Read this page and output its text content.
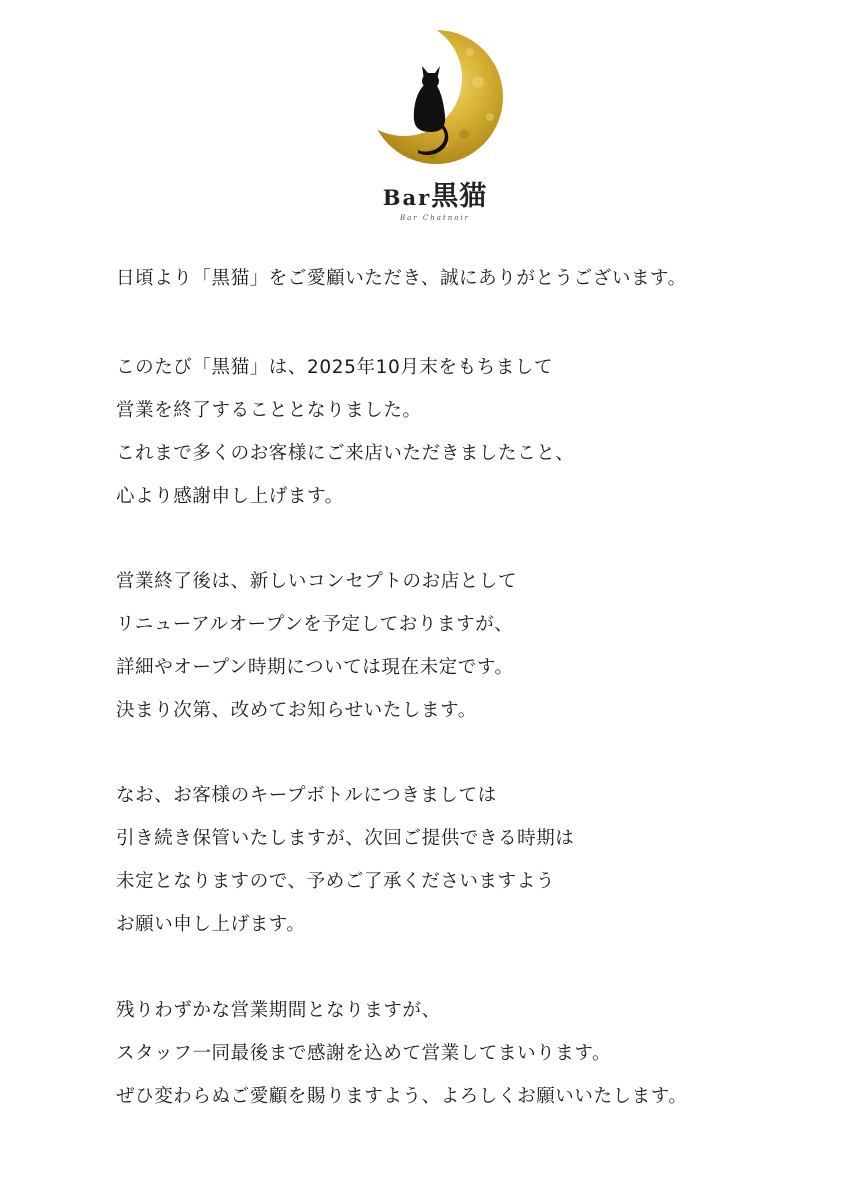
Bar黒猫
Bar Chatnoir
日頃より「黒猫」をご愛顧いただき、誠にありがとうございます。
このたび「黒猫」は、2025年10月末をもちまして
営業を終了することとなりました。
これまで多くのお客様にご来店いただきましたこと、
心より感謝申し上げます。
営業終了後は、新しいコンセプトのお店として
リニューアルオープンを予定しておりますが、
詳細やオープン時期については現在未定です。
決まり次第、改めてお知らせいたします。
なお、お客様のキープボトルにつきましては
引き続き保管いたしますが、次回ご提供できる時期は
未定となりますので、予めご了承くださいますよう
お願い申し上げます。
残りわずかな営業期間となりますが、
スタッフ一同最後まで感謝を込めて営業してまいります。
ぜひ変わらぬご愛顧を賜りますよう、よろしくお願いいたします。
